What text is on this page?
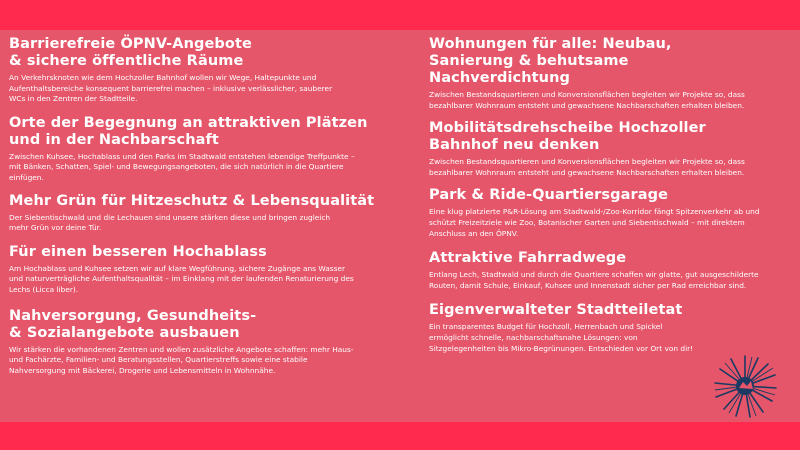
Barrierefreie ÖPNV-Angebote & sichere öffentliche Räume

An Verkehrsknoten wie dem Hochzoller Bahnhof wollen wir Wege, Haltepunkte und Aufenthaltsbereiche konsequent barrierefrei machen – inklusive verlässlicher, sauberer WCs in den Zentren der Stadtteile.

Orte der Begegnung an attraktiven Plätzen und in der Nachbarschaft

Zwischen Kuhsee, Hochablass und den Parks im Stadtwald entstehen lebendige Treffpunkte – mit Bänken, Schatten, Spiel- und Bewegungsangeboten, die sich natürlich in die Quartiere einfügen.

Mehr Grün für Hitzeschutz & Lebensqualität

Der Siebentischwald und die Lechauen sind unsere stärken diese und bringen zugleich mehr Grün vor deine Tür.

Für einen besseren Hochablass

Am Hochablass und Kuhsee setzen wir auf klare Wegführung, sichere Zugänge ans Wasser und naturverträgliche Aufenthaltsqualität – im Einklang mit der laufenden Renaturierung des Lechs (Licca liber).

Nahversorgung, Gesundheits- & Sozialangebote ausbauen

Wir stärken die vorhandenen Zentren und wollen zusätzliche Angebote schaffen: mehr Haus- und Fachärzte, Familien- und Beratungsstellen, Quartierstreffs sowie eine stabile Nahversorgung mit Bäckerei, Drogerie und Lebensmitteln in Wohnnähe.

Wohnungen für alle: Neubau, Sanierung & behutsame Nachverdichtung

Zwischen Bestandsquartieren und Konversionsflächen begleiten wir Projekte so, dass bezahlbarer Wohnraum entsteht und gewachsene Nachbarschaften erhalten bleiben.

Mobilitätsdrehscheibe Hochzoller Bahnhof neu denken

Zwischen Bestandsquartieren und Konversionsflächen begleiten wir Projekte so, dass bezahlbarer Wohnraum entsteht und gewachsene Nachbarschaften erhalten bleiben.

Park & Ride-Quartiersgarage

Eine klug platzierte P&R-Lösung am Stadtwald-/Zoo-Korridor fängt Spitzenverkehr ab und schützt Freizeitziele wie Zoo, Botanischer Garten und Siebentischwald – mit direktem Anschluss an den ÖPNV.

Attraktive Fahrradwege

Entlang Lech, Stadtwald und durch die Quartiere schaffen wir glatte, gut ausgeschilderte Routen, damit Schule, Einkauf, Kuhsee und Innenstadt sicher per Rad erreichbar sind.

Eigenverwalteter Stadtteiletat

Ein transparentes Budget für Hochzoll, Herrenbach und Spickel ermöglicht schnelle, nachbarschaftsnahe Lösungen: von Sitzgelegenheiten bis Mikro-Begrünungen. Entschieden vor Ort von dir!
